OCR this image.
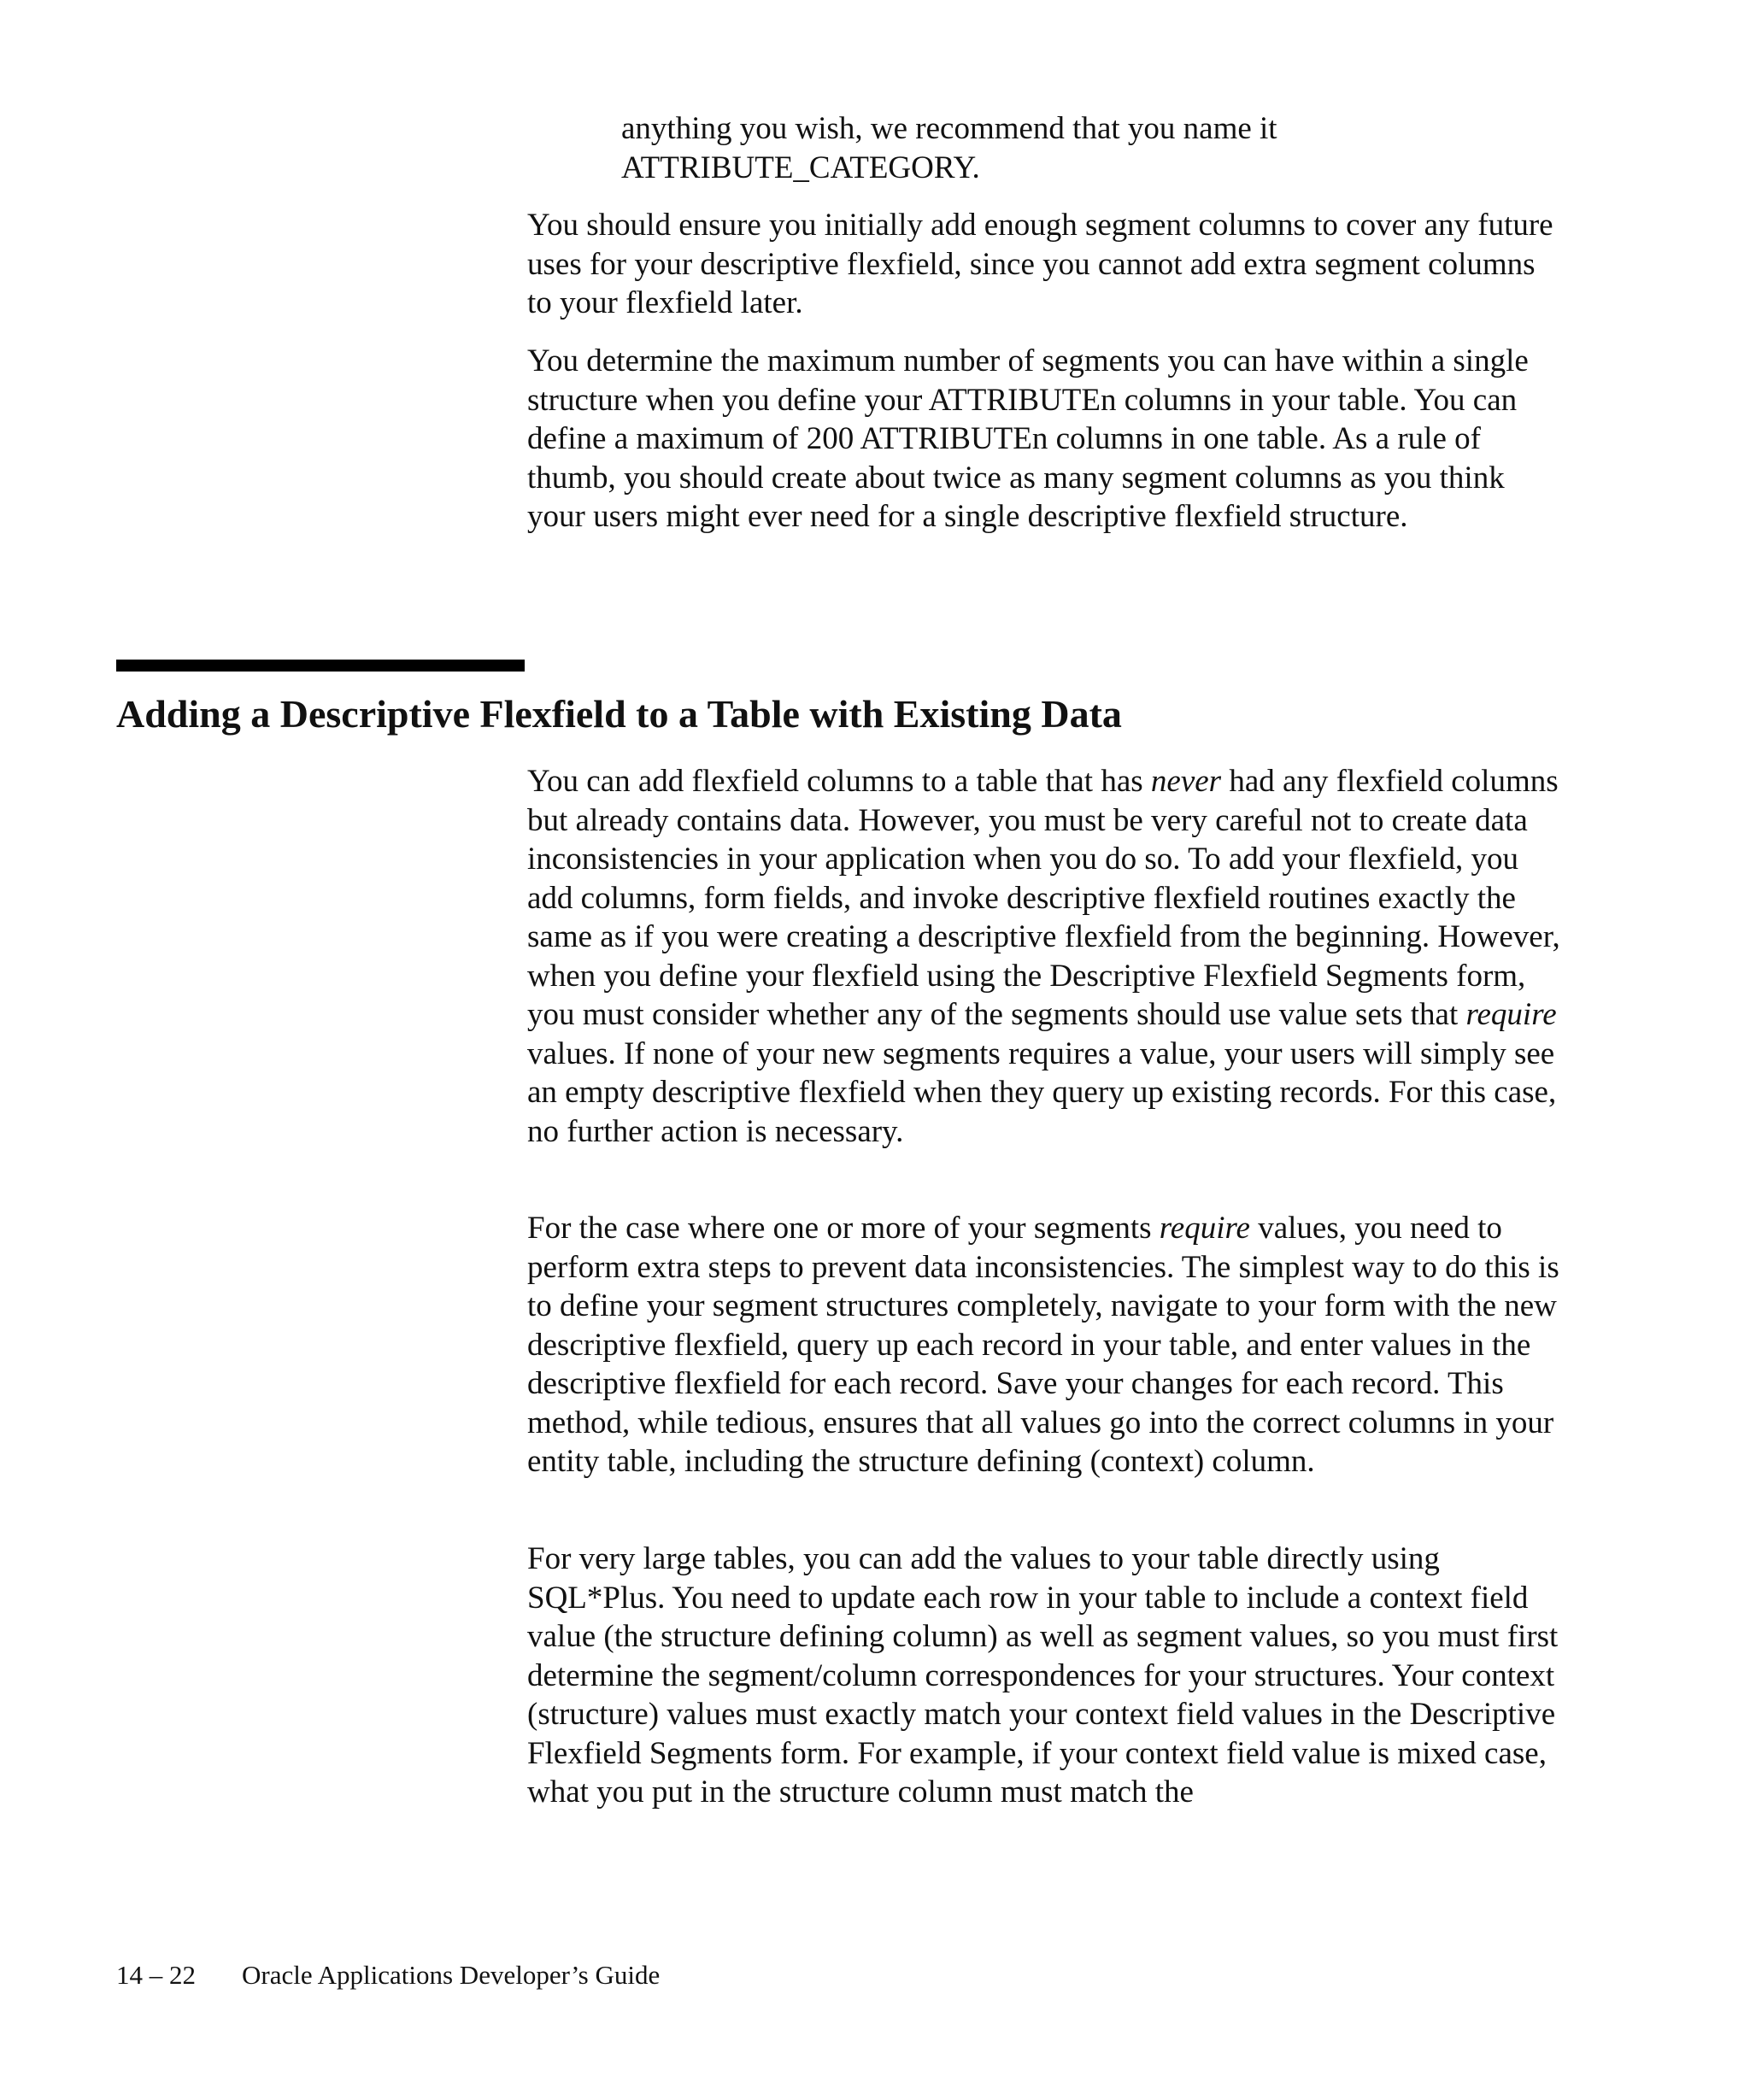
anything you wish, we recommend that you name it ATTRIBUTE_CATEGORY.

You should ensure you initially add enough segment columns to cover any future uses for your descriptive flexfield, since you cannot add extra segment columns to your flexfield later.

You determine the maximum number of segments you can have within a single structure when you define your ATTRIBUTEn columns in your table. You can define a maximum of 200 ATTRIBUTEn columns in one table. As a rule of thumb, you should create about twice as many segment columns as you think your users might ever need for a single descriptive flexfield structure.

Adding a Descriptive Flexfield to a Table with Existing Data

You can add flexfield columns to a table that has never had any flexfield columns but already contains data. However, you must be very careful not to create data inconsistencies in your application when you do so. To add your flexfield, you add columns, form fields, and invoke descriptive flexfield routines exactly the same as if you were creating a descriptive flexfield from the beginning. However, when you define your flexfield using the Descriptive Flexfield Segments form, you must consider whether any of the segments should use value sets that require values. If none of your new segments requires a value, your users will simply see an empty descriptive flexfield when they query up existing records. For this case, no further action is necessary.

For the case where one or more of your segments require values, you need to perform extra steps to prevent data inconsistencies. The simplest way to do this is to define your segment structures completely, navigate to your form with the new descriptive flexfield, query up each record in your table, and enter values in the descriptive flexfield for each record. Save your changes for each record. This method, while tedious, ensures that all values go into the correct columns in your entity table, including the structure defining (context) column.

For very large tables, you can add the values to your table directly using SQL*Plus. You need to update each row in your table to include a context field value (the structure defining column) as well as segment values, so you must first determine the segment/column correspondences for your structures. Your context (structure) values must exactly match your context field values in the Descriptive Flexfield Segments form. For example, if your context field value is mixed case, what you put in the structure column must match the

14 – 22 Oracle Applications Developer’s Guide
